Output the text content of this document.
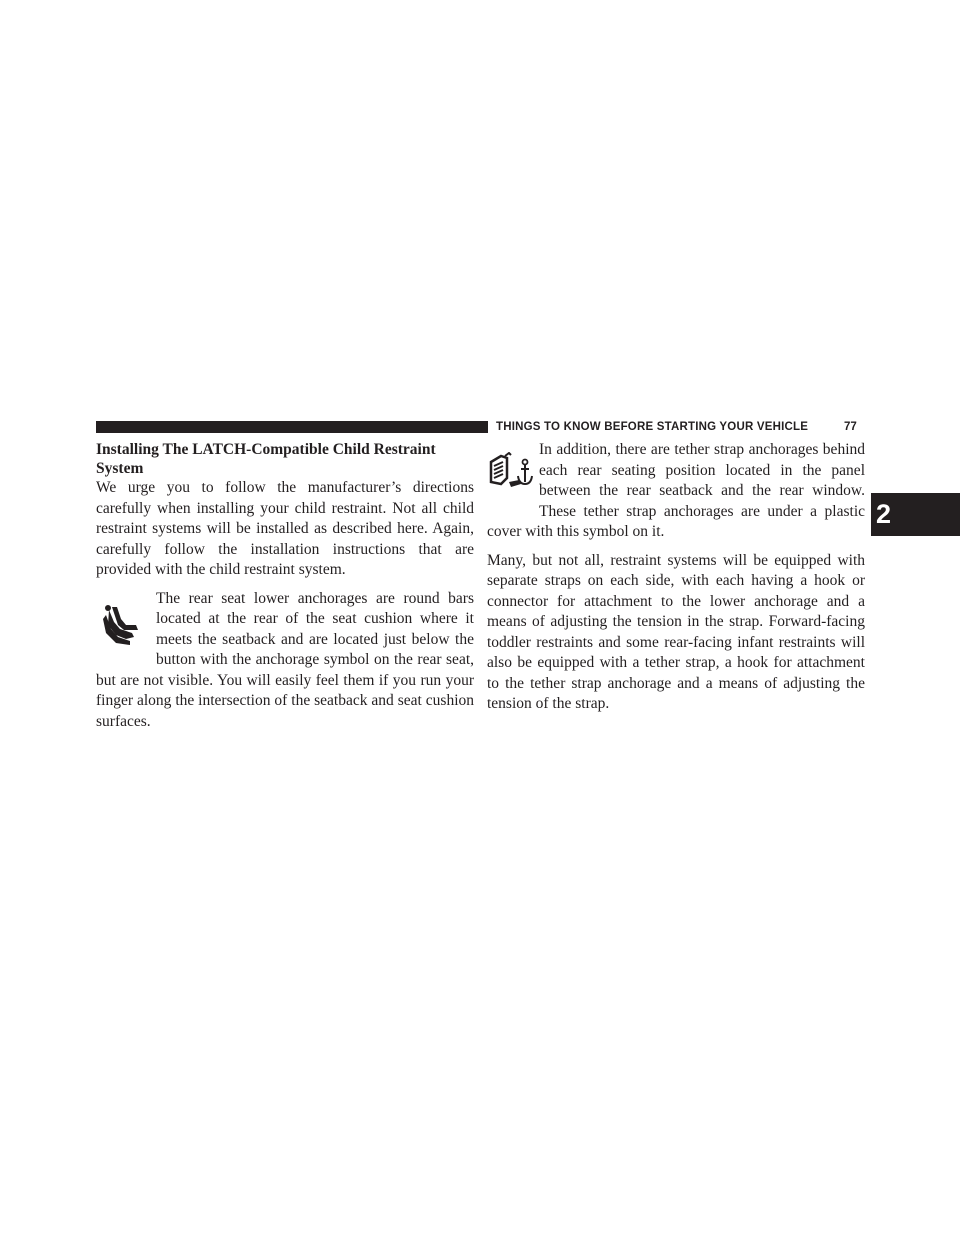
THINGS TO KNOW BEFORE STARTING YOUR VEHICLE	77
2
Installing The LATCH-Compatible Child Restraint System

We urge you to follow the manufacturer’s directions carefully when installing your child restraint. Not all child restraint systems will be installed as described here. Again, carefully follow the installation instructions that are provided with the child restraint system.

The rear seat lower anchorages are round bars located at the rear of the seat cushion where it meets the seatback and are located just below the button with the anchorage symbol on the rear seat, but are not visible. You will easily feel them if you run your finger along the intersection of the seatback and seat cushion surfaces.

In addition, there are tether strap anchorages behind each rear seating position located in the panel between the rear seatback and the rear window. These tether strap anchorages are under a plastic cover with this symbol on it.

Many, but not all, restraint systems will be equipped with separate straps on each side, with each having a hook or connector for attachment to the lower anchorage and a means of adjusting the tension in the strap. Forward-facing toddler restraints and some rear-facing infant restraints will also be equipped with a tether strap, a hook for attachment to the tether strap anchorage and a means of adjusting the tension of the strap.
